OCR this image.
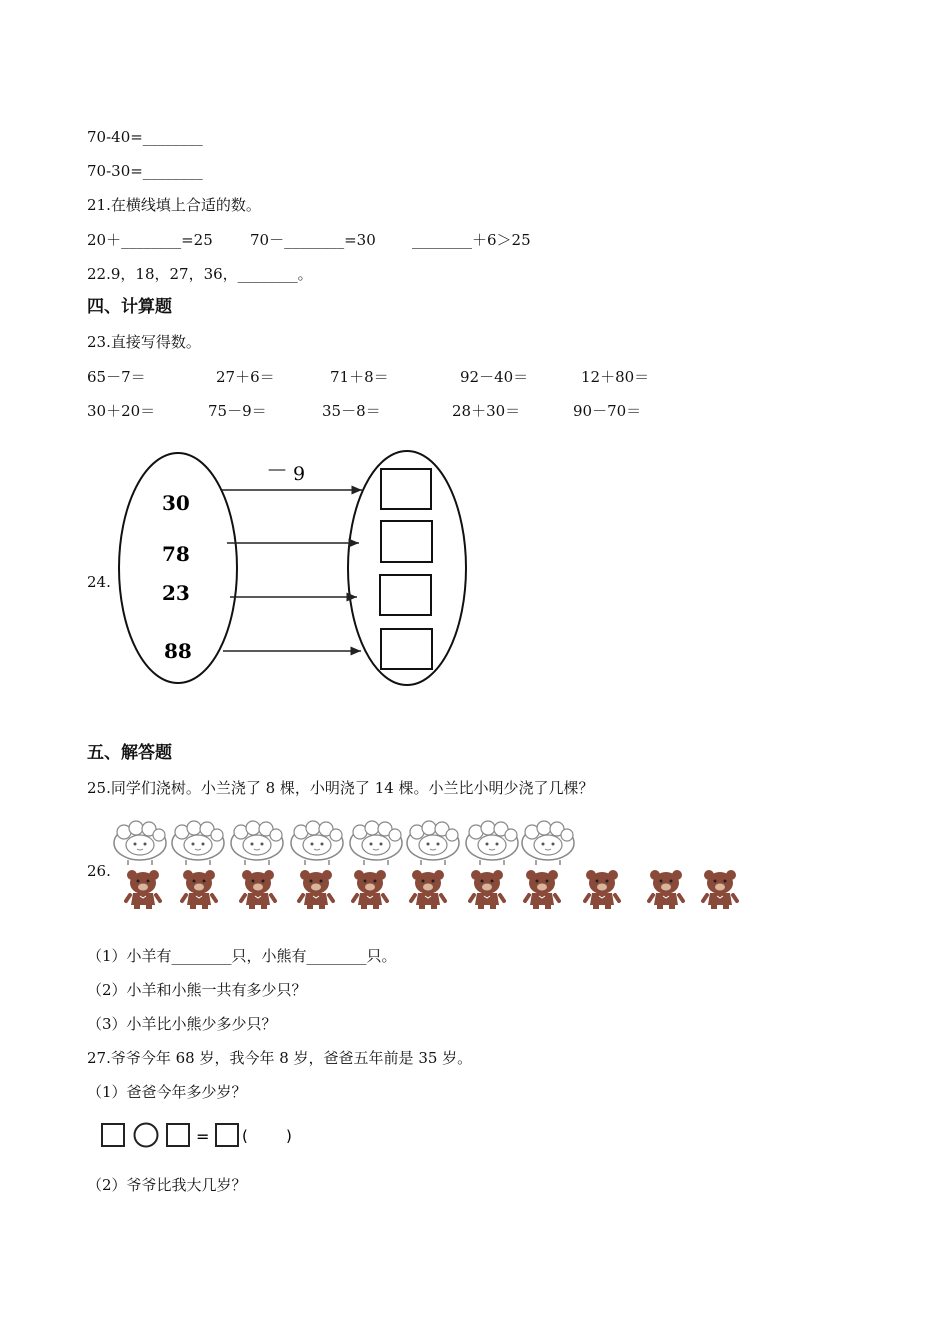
70-40=________
70-30=________
21.在横线填上合适的数。
20＋________=25 70－________=30 ________＋6＞25
22.9，18，27，36，________。
四、计算题
23.直接写得数。
65－7＝	27＋6＝	71＋8＝	92－40＝	12＋80＝
30＋20＝	75－9＝	35－8＝	28＋30＝	90－70＝
24.
－ 9
30
78
23
88
五、解答题
25.同学们浇树。小兰浇了 8 棵，小明浇了 14 棵。小兰比小明少浇了几棵？
26.
（1）小羊有________只，小熊有________只。
（2）小羊和小熊一共有多少只？
（3）小羊比小熊少多少只？
27.爷爷今年 68 岁，我今年 8 岁，爸爸五年前是 35 岁。
（1）爸爸今年多少岁？
= (	)
（2）爷爷比我大几岁？
